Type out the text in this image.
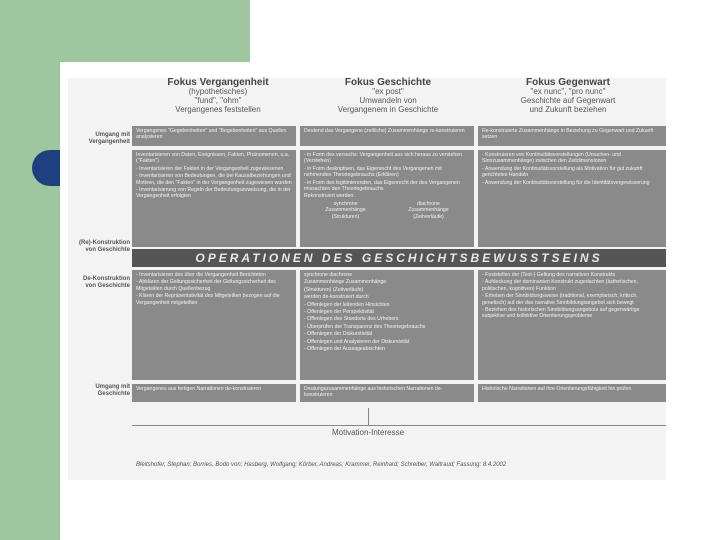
Fokus Vergangenheit
(hypothetisches)
"fund", "ohm"
Vergangenes feststellen
Fokus Geschichte
"ex post"
Umwandeln von
Vergangenem in Geschichte
Fokus Gegenwart
"ex nunc", "pro nunc"
Geschichte auf Gegenwart
und Zukunft beziehen
Umgang mit
Vergangenheit
(Re)-Konstruktion
von Geschichte
De-Konstruktion
von Geschichte
Umgang mit
Geschichte
Vergangenes "Gegebenheiten" und "Begebenheiten" aus Quellen analysieren
Deutend das Vergangene (zeitliche) Zusammenhänge re-konstruieren	Re-konstruierte Zusammenhänge in Beziehung zu Gegenwart und Zukunft setzen
Inventarisieren von Daten, Ereignissen, Fakten, Phänomenen, u.a. ("Fakten")
- Inventarisieren der Fakten in der Vergangenheit zugewiesenen
- Inventarisieren von Bedeutungen, die bei Kausalbeziehungen und Motiven, die den "Fakten" in der Vergangenheit zugewiesen wurden
- Inventarisierung von Regeln der Bedeutungszuweisung, die in der Vergangenheit erfolgten
- in Form des versuchs: Vergangenheit aus sich heraus zu verstehen (Verstehen)
- in Form deskriptiven, das Eigenrecht des Vergangenen mit nehmenden Theoriegebrauchs (Erklären)
- in Form des legitimierenden, das Eigenrecht der des Vergangenen missachten den Theoriegebrauchs
Rekonstruiert werden:
synchrone
Zusammenhänge
(Strukturen)
diachrone
Zusammenhänge
(Zeitverläufe)
- Konstruieren von Kontinuitätsvorstellungen (Ursachen- und Sinnzusammenhänge) zwischen den Zeitdimensionen
- Anwendung der Kontinuitätsvorstellung als Motivation für gut zukunft gerichtetes Handeln
- Anwendung der Kontinuitätsvorstellung für die Identitätsvergewisserung
OPERATIONEN DES GESCHICHTSBEWUSSTSEINS
- Inventarisieren des über die Vergangenheit Berichteten
- Abklären der Geltungssicherheit der Geltungssicherheit des Mitgeteilten durch Quellenbezug
- Klären der Repräsentativität des Mitgeteilten bezogen auf die Vergangenheit mitgeteilten
synchrone diachrone
Zusammenhänge Zusammenhänge
(Strukturen) (Zeitverläufe)
werden de-konstruiert durch
- Offenlegen der leitenden Hinsichten
- Offenlegen der Perspektivität
- Offenlegen des Standorts des Urhebers
- Überprüfen der Transparenz des Theoriegebrauchs
- Offenlegen der Diskurstivität
- Offenlegen und Analysieren der Diskursivität
- Offenlegen der Aussageabsichten
- Feststellen der (Text-) Geltung des narrativen Konstrukts
- Aufdeckung der dominanten Konstrukt zugedachten (ästhetischen, politischen, kognitiven) Funktion
- Erheben der Sinnbildungsweise (traditional, exemplarisch, kritisch, genetisch) auf der das narrative Sinnbildungsangebot sich bewegt
- Beziehen des historischen Sinnbildungsangebots auf gegenwärtige subjektive und kollektive Orientierungsprobleme
Vergangenes aus fertigen Narrationen de-konstruieren	Deutungszusammenhänge aus historischen Narrationen de-konstruieren
Historische Narrationen auf ihre Orientierungsfähigkeit hin prüfen
Motivation-Interesse
Bleitshofer, Stephan; Borries, Bodo von; Hasberg, Wolfgang; Körber, Andreas; Krammer, Reinhard; Schreiber, Waltraud; Fassung: 8.4.2002
